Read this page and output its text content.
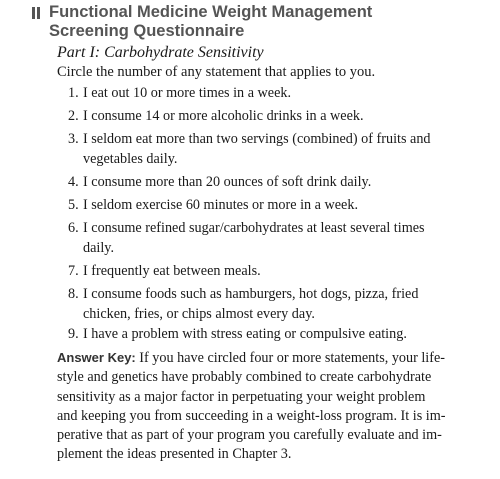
Functional Medicine Weight Management
Screening Questionnaire
Part I: Carbohydrate Sensitivity
Circle the number of any statement that applies to you.
1. I eat out 10 or more times in a week.
2. I consume 14 or more alcoholic drinks in a week.
3. I seldom eat more than two servings (combined) of fruits and
vegetables daily.
4. I consume more than 20 ounces of soft drink daily.
5. I seldom exercise 60 minutes or more in a week.
6. I consume refined sugar/carbohydrates at least several times
daily.
7. I frequently eat between meals.
8. I consume foods such as hamburgers, hot dogs, pizza, fried
chicken, fries, or chips almost every day.
9. I have a problem with stress eating or compulsive eating.
Answer Key: If you have circled four or more statements, your life-
style and genetics have probably combined to create carbohydrate
sensitivity as a major factor in perpetuating your weight problem
and keeping you from succeeding in a weight-loss program. It is im-
perative that as part of your program you carefully evaluate and im-
plement the ideas presented in Chapter 3.
